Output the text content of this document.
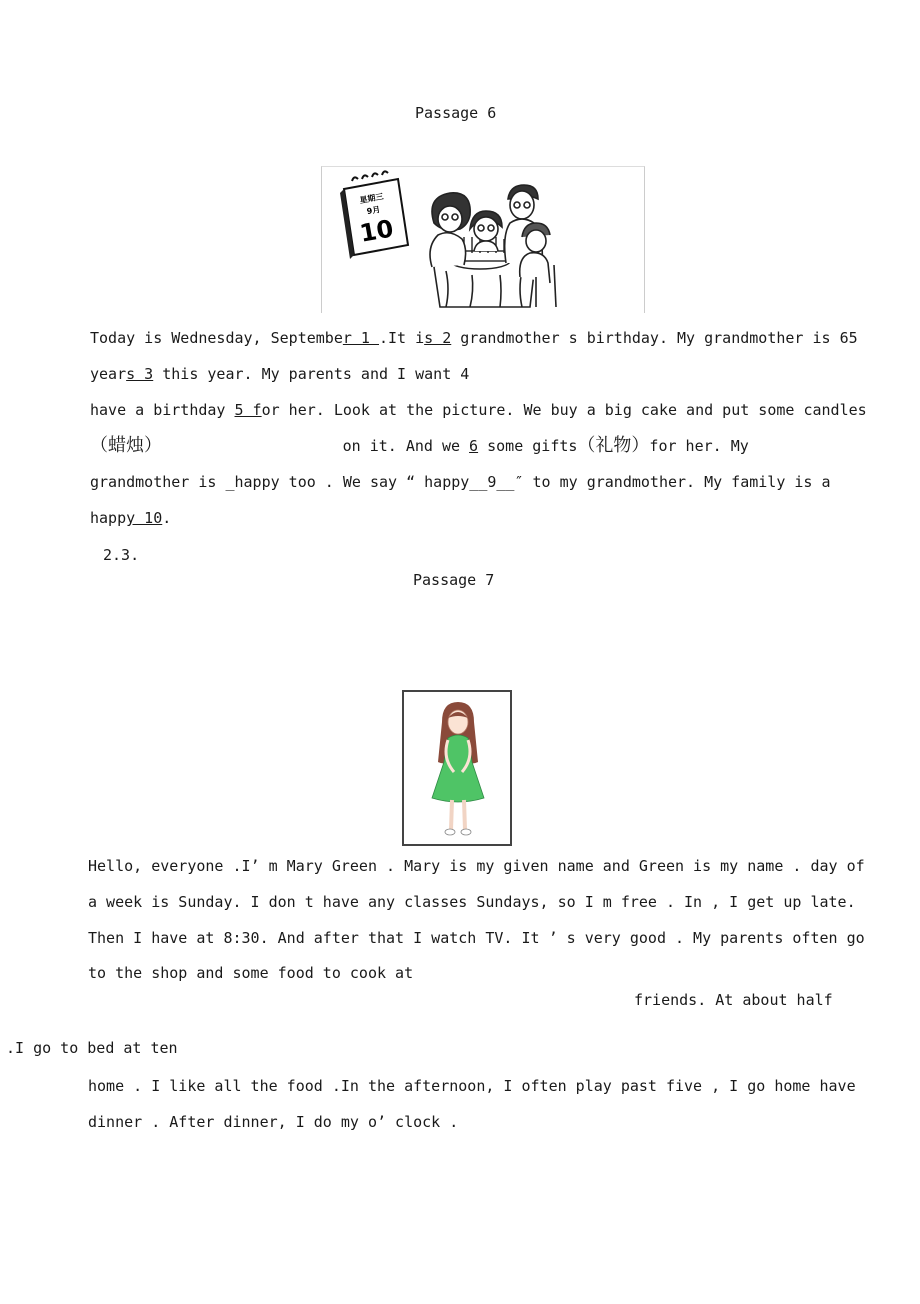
Passage 6
星期三
9月
10
Today is Wednesday, September 1 .It is 2 grandmother s birthday. My grandmother is 65
years 3 this year. My parents and I want 4
have a birthday 5 for her. Look at the picture. We buy a big cake and put some candles
（蜡烛）                    on it. And we 6 some gifts（礼物）for her. My
grandmother is _happy too . We say “ happy__9__″ to my grandmother. My family is a
happy 10.
2.3.
Passage 7
Hello, everyone .I’ m Mary Green . Mary is my given name and Green is my name . day of
a week is Sunday. I don t have any classes Sundays, so I m free . In , I get up late.
Then I have at 8:30. And after that I watch TV. It ’ s very good . My parents often go
to the shop and some food to cook at
friends. At about half
.I go to bed at ten
home . I like all the food .In the afternoon, I often play past five , I go home have
dinner . After dinner, I do my o’ clock .
